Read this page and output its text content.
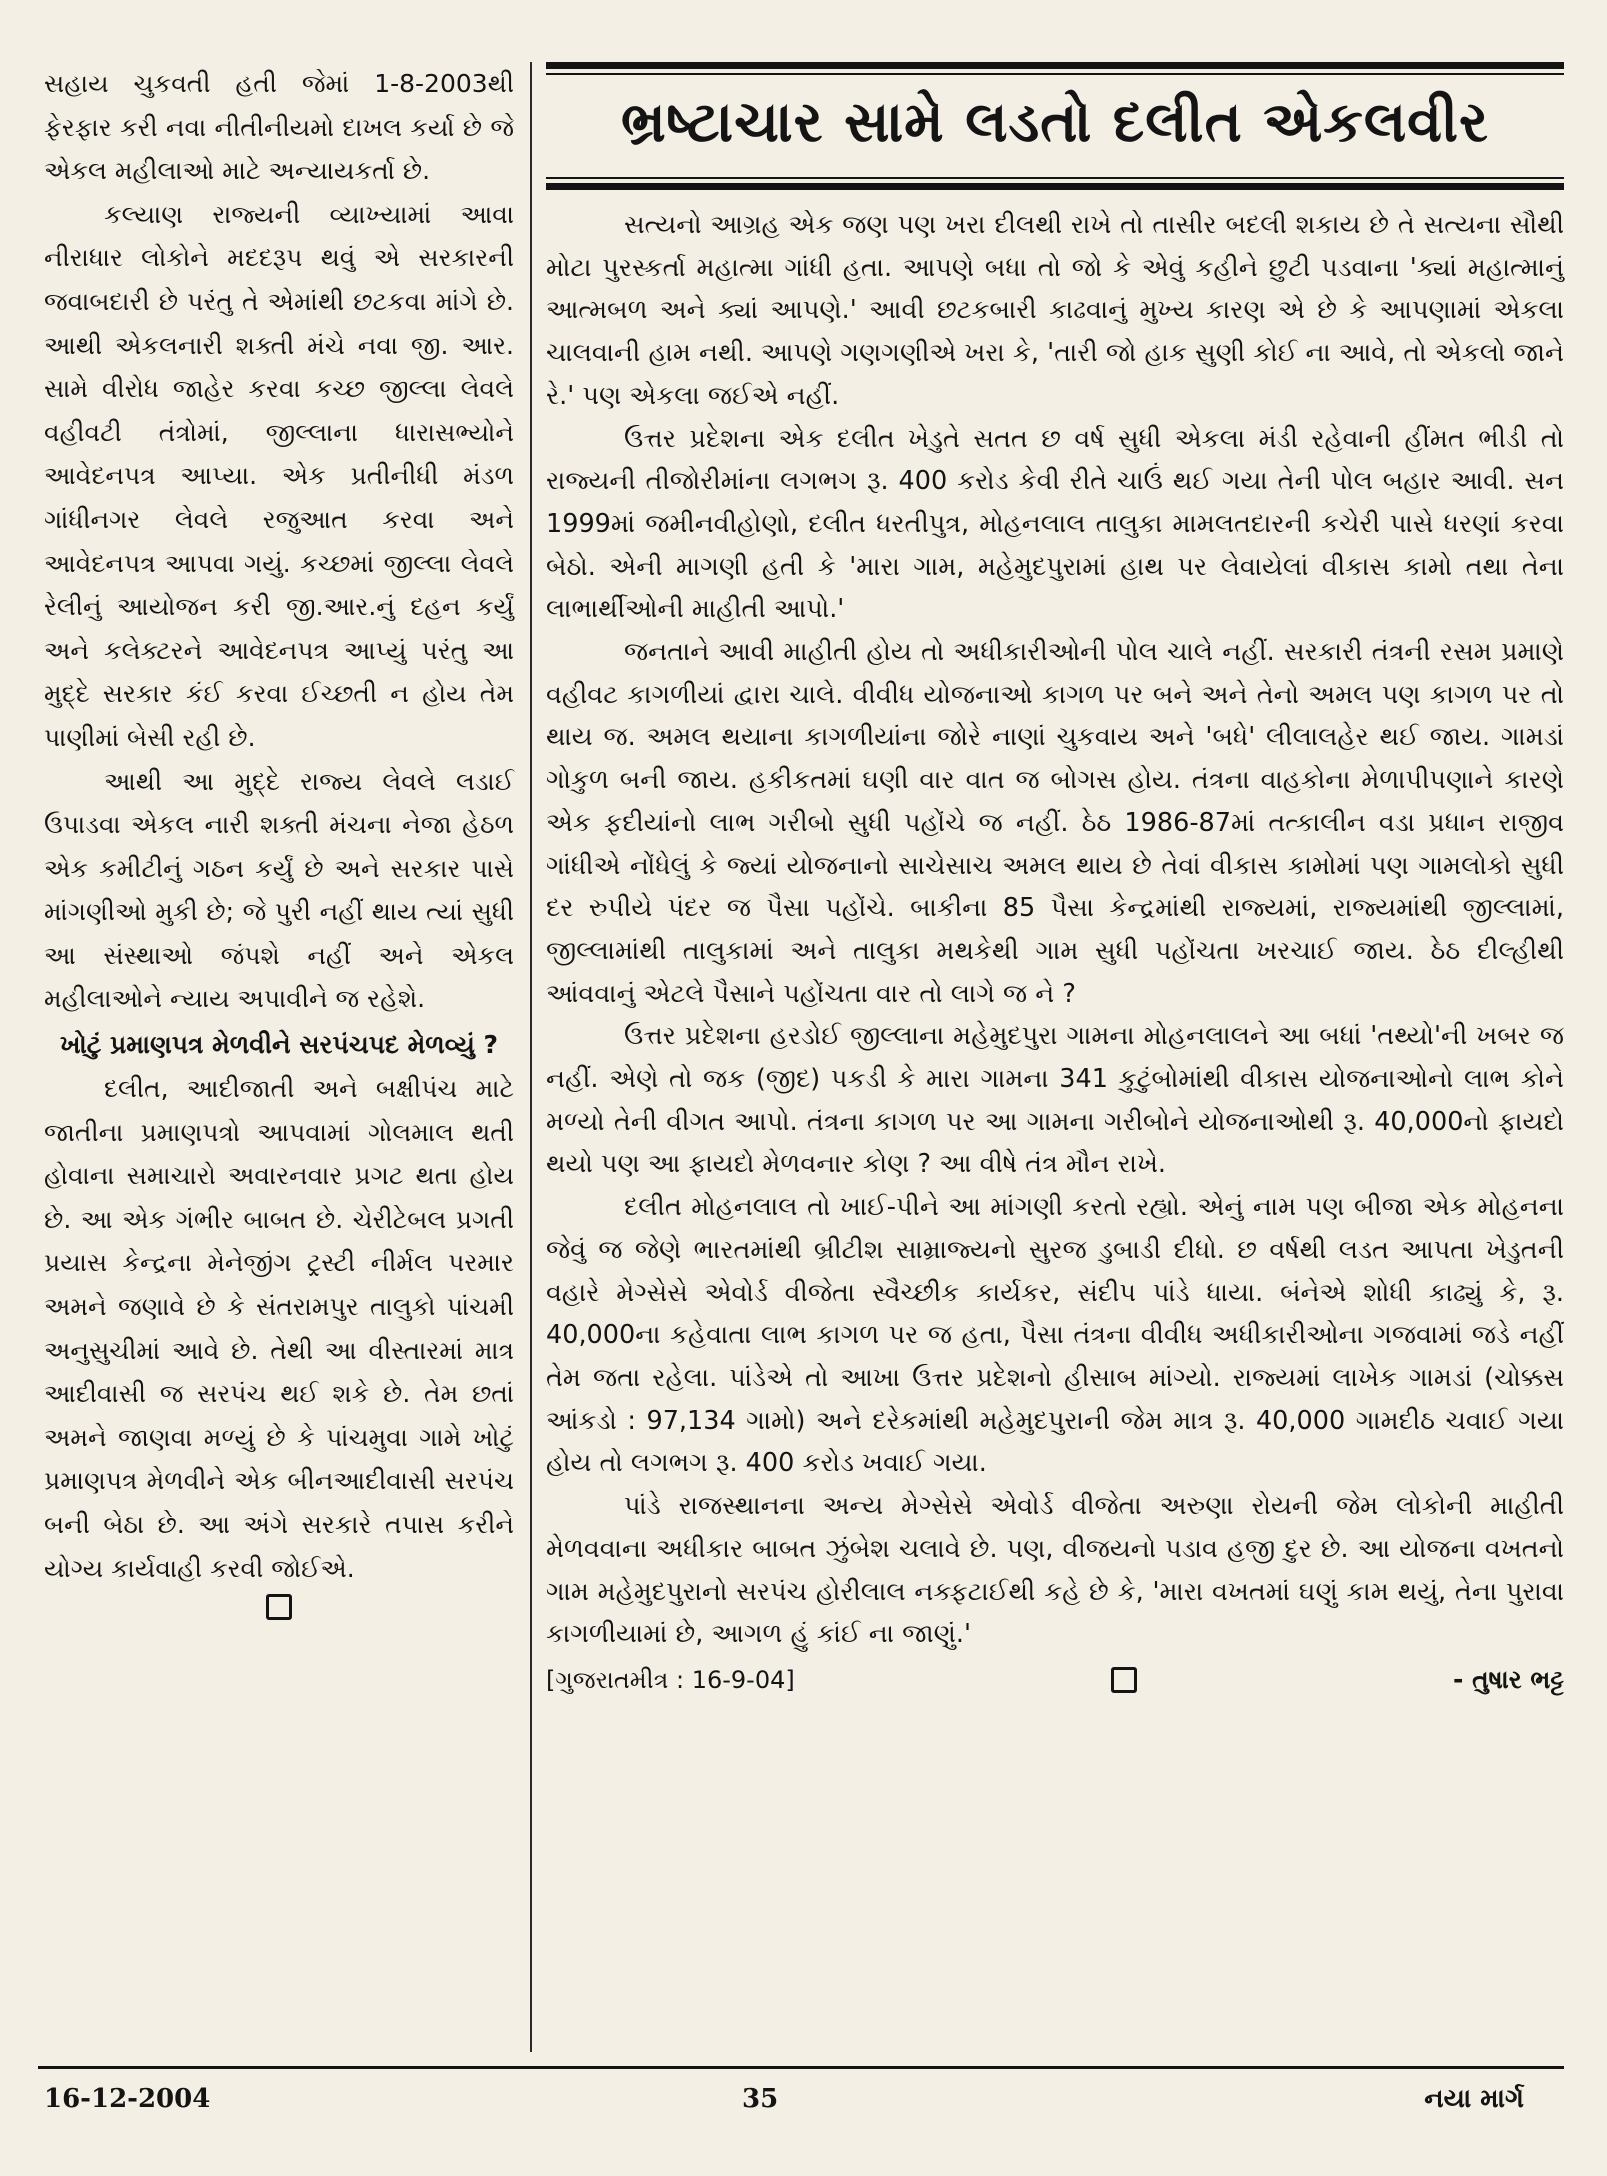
સહાય ચુકવતી હતી જેમાં 1-8-2003થી ફેરફાર કરી નવા નીતીનીયમો દાખલ કર્યા છે જે એકલ મહીલાઓ માટે અન્યાયકર્તા છે.

કલ્યાણ રાજ્યની વ્યાખ્યામાં આવા નીરાધાર લોકોને મદદરૂપ થવું એ સરકારની જવાબદારી છે પરંતુ તે એમાંથી છટકવા માંગે છે. આથી એકલનારી શક્તી મંચે નવા જી. આર. સામે વીરોધ જાહેર કરવા કચ્છ જીલ્લા લેવલે વહીવટી તંત્રોમાં, જીલ્લાના ધારાસભ્યોને આવેદનપત્ર આપ્યા. એક પ્રતીનીધી મંડળ ગાંધીનગર લેવલે રજુઆત કરવા અને આવેદનપત્ર આપવા ગયું. કચ્છમાં જીલ્લા લેવલે રેલીનું આયોજન કરી જી.આર.નું દહન કર્યું અને કલેક્ટરને આવેદનપત્ર આપ્યું પરંતુ આ મુદ્દે સરકાર કંઈ કરવા ઈચ્છતી ન હોય તેમ પાણીમાં બેસી રહી છે.

આથી આ મુદ્દે રાજ્ય લેવલે લડાઈ ઉપાડવા એકલ નારી શક્તી મંચના નેજા હેઠળ એક કમીટીનું ગઠન કર્યું છે અને સરકાર પાસે માંગણીઓ મુકી છે; જે પુરી નહીં થાય ત્યાં સુધી આ સંસ્થાઓ જંપશે નહીં અને એકલ મહીલાઓને ન્યાય અપાવીને જ રહેશે.

ખોટું પ્રમાણપત્ર મેળવીને સરપંચપદ મેળવ્યું ?

દલીત, આદીજાતી અને બક્ષીપંચ માટે જાતીના પ્રમાણપત્રો આપવામાં ગોલમાલ થતી હોવાના સમાચારો અવારનવાર પ્રગટ થતા હોય છે. આ એક ગંભીર બાબત છે. ચેરીટેબલ પ્રગતી પ્રયાસ કેન્દ્રના મેનેજીંગ ટ્રસ્ટી નીર્મલ પરમાર અમને જણાવે છે કે સંતરામપુર તાલુકો પાંચમી અનુસુચીમાં આવે છે. તેથી આ વીસ્તારમાં માત્ર આદીવાસી જ સરપંચ થઈ શકે છે. તેમ છતાં અમને જાણવા મળ્યું છે કે પાંચમુવા ગામે ખોટું પ્રમાણપત્ર મેળવીને એક બીનઆદીવાસી સરપંચ બની બેઠા છે. આ અંગે સરકારે તપાસ કરીને યોગ્ય કાર્યવાહી કરવી જોઈએ.

ભ્રષ્ટાચાર સામે લડતો દલીત એકલવીર

સત્યનો આગ્રહ એક જણ પણ ખરા દીલથી રાખે તો તાસીર બદલી શકાય છે તે સત્યના સૌથી મોટા પુરસ્કર્તા મહાત્મા ગાંધી હતા. આપણે બધા તો જો કે એવું કહીને છુટી પડવાના 'ક્યાં મહાત્માનું આત્મબળ અને ક્યાં આપણે.' આવી છટકબારી કાઢવાનું મુખ્ય કારણ એ છે કે આપણામાં એકલા ચાલવાની હામ નથી. આપણે ગણગણીએ ખરા કે, 'તારી જો હાક સુણી કોઈ ના આવે, તો એકલો જાને રે.' પણ એકલા જઈએ નહીં.

ઉત્તર પ્રદેશના એક દલીત ખેડુતે સતત છ વર્ષ સુધી એકલા મંડી રહેવાની હીંમત ભીડી તો રાજ્યની તીજોરીમાંના લગભગ રૂ. 400 કરોડ કેવી રીતે ચાઉં થઈ ગયા તેની પોલ બહાર આવી. સન 1999માં જમીનવીહોણો, દલીત ધરતીપુત્ર, મોહનલાલ તાલુકા મામલતદારની કચેરી પાસે ધરણાં કરવા બેઠો. એની માગણી હતી કે 'મારા ગામ, મહેમુદપુરામાં હાથ પર લેવાયેલાં વીકાસ કામો તથા તેના લાભાર્થીઓની માહીતી આપો.'

જનતાને આવી માહીતી હોય તો અધીકારીઓની પોલ ચાલે નહીં. સરકારી તંત્રની રસમ પ્રમાણે વહીવટ કાગળીયાં દ્વારા ચાલે. વીવીધ યોજનાઓ કાગળ પર બને અને તેનો અમલ પણ કાગળ પર તો થાય જ. અમલ થયાના કાગળીયાંના જોરે નાણાં ચુકવાય અને 'બધે' લીલાલહેર થઈ જાય. ગામડાં ગોકુળ બની જાય. હકીકતમાં ઘણી વાર વાત જ બોગસ હોય. તંત્રના વાહકોના મેળાપીપણાને કારણે એક ફદીયાંનો લાભ ગરીબો સુધી પહોંચે જ નહીં. ઠેઠ 1986-87માં તત્કાલીન વડા પ્રધાન રાજીવ ગાંધીએ નોંધેલું કે જ્યાં યોજનાનો સાચેસાચ અમલ થાય છે તેવાં વીકાસ કામોમાં પણ ગામલોકો સુધી દર રુપીયે પંદર જ પૈસા પહોંચે. બાકીના 85 પૈસા કેન્દ્રમાંથી રાજ્યમાં, રાજ્યમાંથી જીલ્લામાં, જીલ્લામાંથી તાલુકામાં અને તાલુકા મથકેથી ગામ સુધી પહોંચતા ખરચાઈ જાય. ઠેઠ દીલ્હીથી આંવવાનું એટલે પૈસાને પહોંચતા વાર તો લાગે જ ને ?

ઉત્તર પ્રદેશના હરડોઈ જીલ્લાના મહેમુદપુરા ગામના મોહનલાલને આ બધાં 'તથ્યો'ની ખબર જ નહીં. એણે તો જક (જીદ) પકડી કે મારા ગામના 341 કુટુંબોમાંથી વીકાસ યોજનાઓનો લાભ કોને મળ્યો તેની વીગત આપો. તંત્રના કાગળ પર આ ગામના ગરીબોને યોજનાઓથી રૂ. 40,000નો ફાયદો થયો પણ આ ફાયદો મેળવનાર કોણ ? આ વીષે તંત્ર મૌન રાખે.

દલીત મોહનલાલ તો ખાઈ-પીને આ માંગણી કરતો રહ્યો. એનું નામ પણ બીજા એક મોહનના જેવું જ જેણે ભારતમાંથી બ્રીટીશ સામ્રાજ્યનો સુરજ ડુબાડી દીધો. છ વર્ષથી લડત આપતા ખેડુતની વહારે મેગ્સેસે એવોર્ડ વીજેતા સ્વૈચ્છીક કાર્યકર, સંદીપ પાંડે ધાયા. બંનેએ શોધી કાઢ્યું કે, રૂ. 40,000ના કહેવાતા લાભ કાગળ પર જ હતા, પૈસા તંત્રના વીવીધ અધીકારીઓના ગજવામાં જડે નહીં તેમ જતા રહેલા. પાંડેએ તો આખા ઉત્તર પ્રદેશનો હીસાબ માંગ્યો. રાજ્યમાં લાખેક ગામડાં (ચોક્કસ આંકડો : 97,134 ગામો) અને દરેકમાંથી મહેમુદપુરાની જેમ માત્ર રૂ. 40,000 ગામદીઠ ચવાઈ ગયા હોય તો લગભગ રૂ. 400 કરોડ ખવાઈ ગયા.

પાંડે રાજસ્થાનના અન્ય મેગ્સેસે એવોર્ડ વીજેતા અરુણા રોયની જેમ લોકોની માહીતી મેળવવાના અધીકાર બાબત ઝુંબેશ ચલાવે છે. પણ, વીજયનો પડાવ હજી દુર છે. આ યોજના વખતનો ગામ મહેમુદપુરાનો સરપંચ હોરીલાલ નક્ફટાઈથી કહે છે કે, 'મારા વખતમાં ઘણું કામ થયું, તેના પુરાવા કાગળીયામાં છે, આગળ હું કાંઈ ના જાણું.'

[ગુજરાતમીત્ર : 16-9-04]	- તુષાર ભટ્ટ
16-12-2004	35	નયા માર્ગ
